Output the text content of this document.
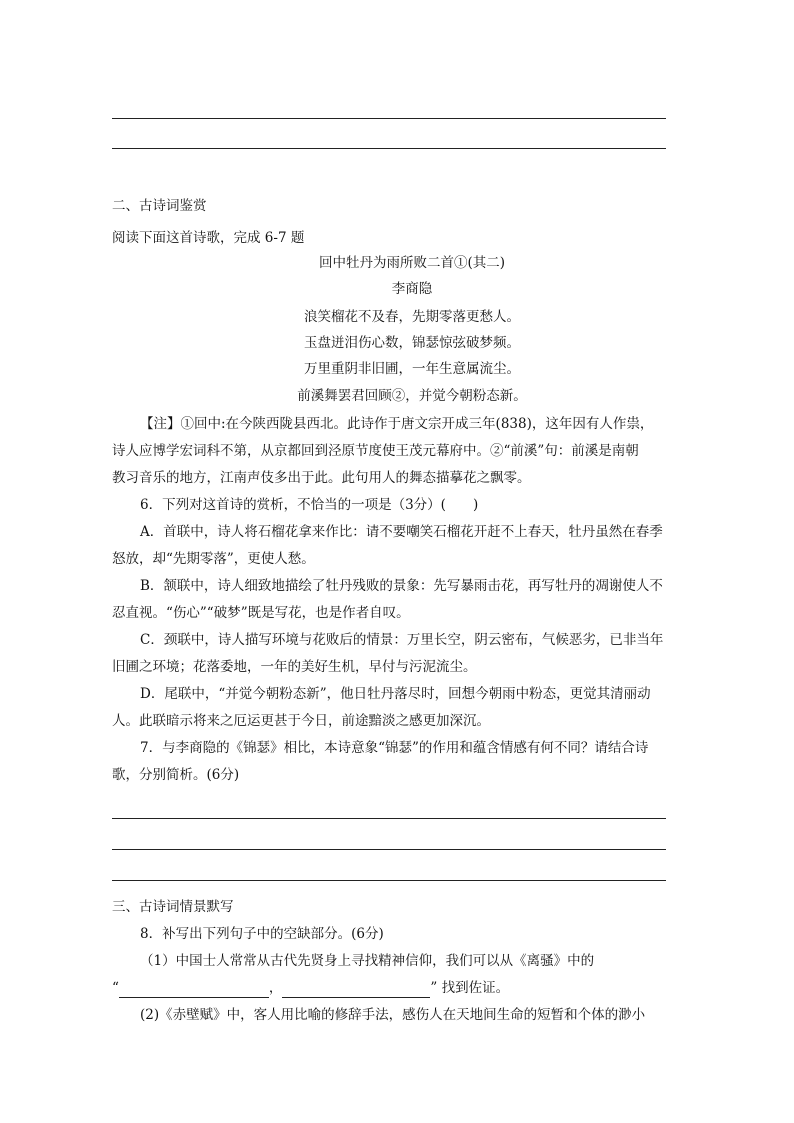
二、古诗词鉴赏
阅读下面这首诗歌，完成 6-7 题
回中牡丹为雨所败二首①(其二)
李商隐
浪笑榴花不及春，先期零落更愁人。
玉盘迸泪伤心数，锦瑟惊弦破梦频。
万里重阴非旧圃，一年生意属流尘。
前溪舞罢君回顾②，并觉今朝粉态新。
【注】①回中:在今陕西陇县西北。此诗作于唐文宗开成三年(838)，这年因有人作祟，
诗人应博学宏词科不第，从京都回到泾原节度使王茂元幕府中。②“前溪”句：前溪是南朝
教习音乐的地方，江南声伎多出于此。此句用人的舞态描摹花之飘零。
6．下列对这首诗的赏析，不恰当的一项是（3分）(　　)
A．首联中，诗人将石榴花拿来作比：请不要嘲笑石榴花开赶不上春天，牡丹虽然在春季
怒放，却“先期零落”，更使人愁。
B．颔联中，诗人细致地描绘了牡丹残败的景象：先写暴雨击花，再写牡丹的凋谢使人不
忍直视。“伤心”“破梦”既是写花，也是作者自叹。
C．颈联中，诗人描写环境与花败后的情景：万里长空，阴云密布，气候恶劣，已非当年
旧圃之环境；花落委地，一年的美好生机，早付与污泥流尘。
D．尾联中，“并觉今朝粉态新”，他日牡丹落尽时，回想今朝雨中粉态，更觉其清丽动
人。此联暗示将来之厄运更甚于今日，前途黯淡之感更加深沉。
7．与李商隐的《锦瑟》相比，本诗意象“锦瑟”的作用和蕴含情感有何不同？请结合诗
歌，分别简析。(6分)
三、古诗词情景默写
8．补写出下列句子中的空缺部分。(6分)
（1）中国士人常常从古代先贤身上寻找精神信仰，我们可以从《离骚》中的
“	，	” 找到佐证。
(2)《赤壁赋》中，客人用比喻的修辞手法，感伤人在天地间生命的短暂和个体的渺小
